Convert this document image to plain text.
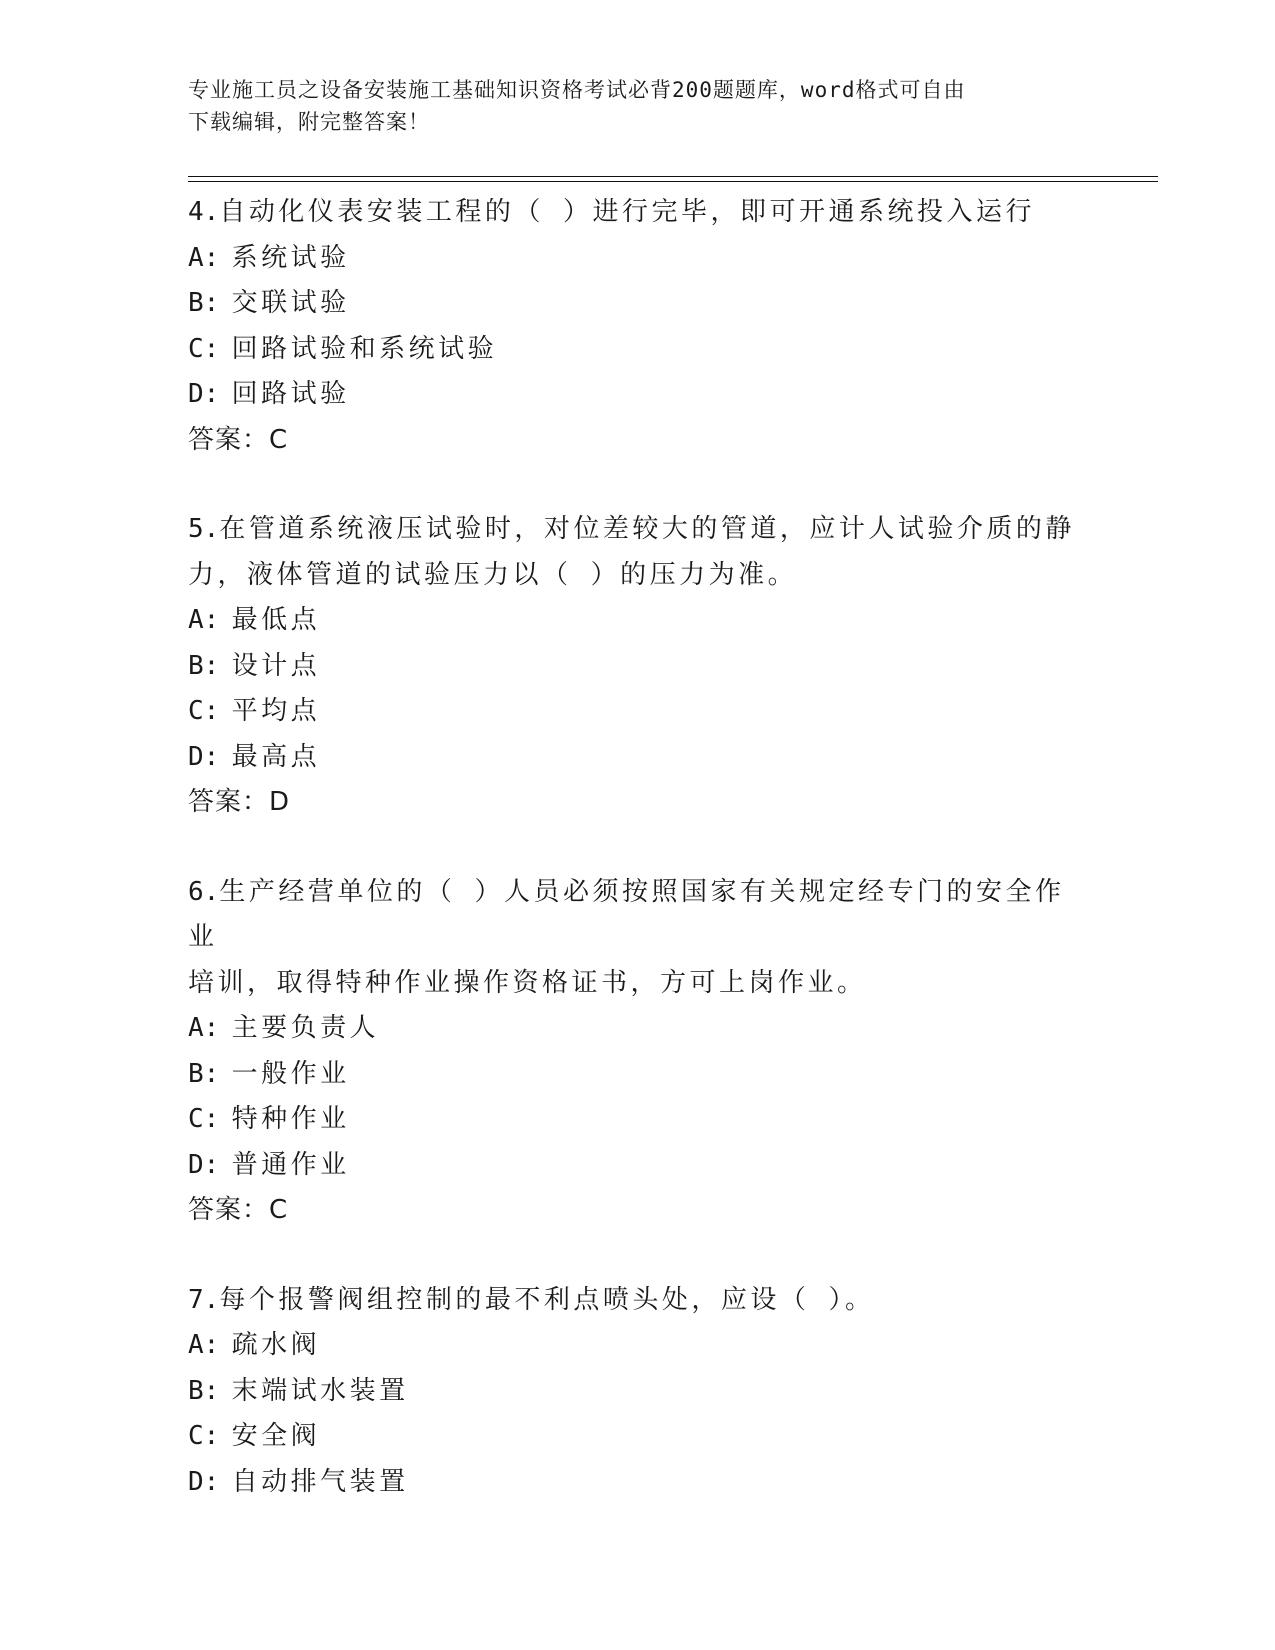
专业施工员之设备安装施工基础知识资格考试必背200题题库，word格式可自由
下载编辑，附完整答案！
4.自动化仪表安装工程的（ ）进行完毕，即可开通系统投入运行
A: 系统试验
B: 交联试验
C: 回路试验和系统试验
D: 回路试验
答案：C
5.在管道系统液压试验时，对位差较大的管道，应计人试验介质的静
力，液体管道的试验压力以（ ）的压力为准。
A: 最低点
B: 设计点
C: 平均点
D: 最高点
答案：D
6.生产经营单位的（ ）人员必须按照国家有关规定经专门的安全作业
培训，取得特种作业操作资格证书，方可上岗作业。
A: 主要负责人
B: 一般作业
C: 特种作业
D: 普通作业
答案：C
7.每个报警阀组控制的最不利点喷头处，应设（ ）。
A: 疏水阀
B: 末端试水装置
C: 安全阀
D: 自动排气装置
